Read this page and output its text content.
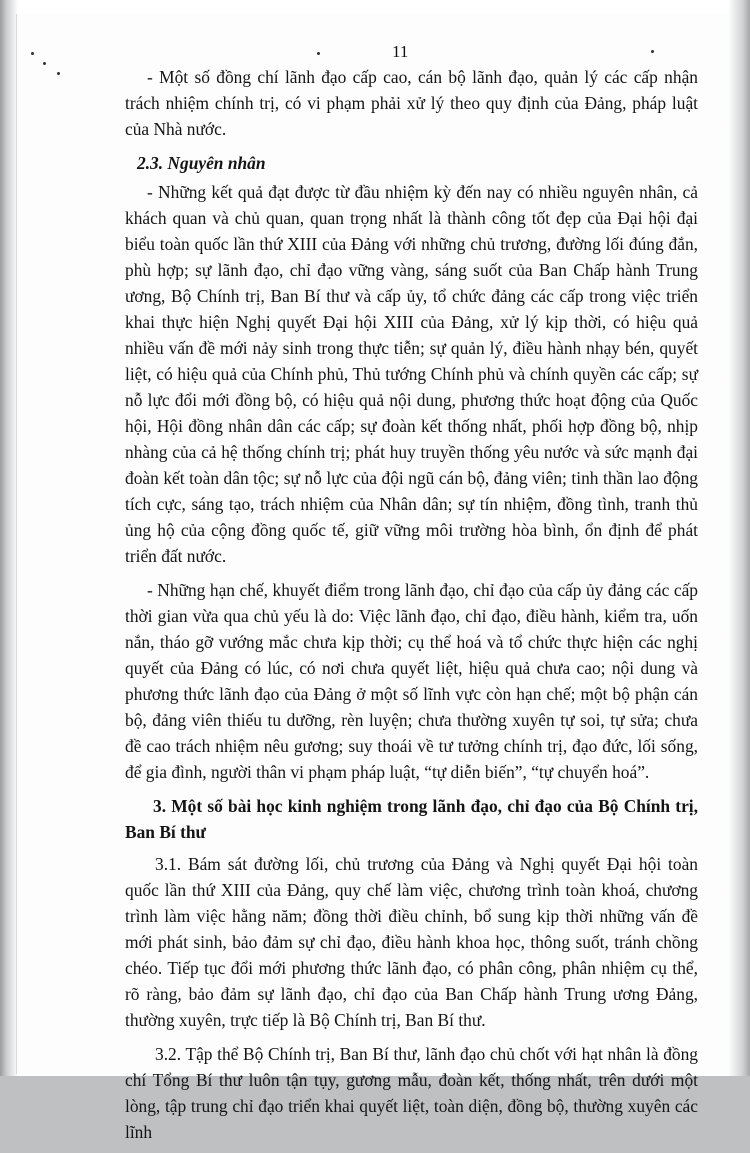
11

- Một số đồng chí lãnh đạo cấp cao, cán bộ lãnh đạo, quản lý các cấp nhận trách nhiệm chính trị, có vi phạm phải xử lý theo quy định của Đảng, pháp luật của Nhà nước.

2.3. Nguyên nhân

- Những kết quả đạt được từ đầu nhiệm kỳ đến nay có nhiều nguyên nhân, cả khách quan và chủ quan, quan trọng nhất là thành công tốt đẹp của Đại hội đại biểu toàn quốc lần thứ XIII của Đảng với những chủ trương, đường lối đúng đắn, phù hợp; sự lãnh đạo, chỉ đạo vững vàng, sáng suốt của Ban Chấp hành Trung ương, Bộ Chính trị, Ban Bí thư và cấp ủy, tổ chức đảng các cấp trong việc triển khai thực hiện Nghị quyết Đại hội XIII của Đảng, xử lý kịp thời, có hiệu quả nhiều vấn đề mới nảy sinh trong thực tiễn; sự quản lý, điều hành nhạy bén, quyết liệt, có hiệu quả của Chính phủ, Thủ tướng Chính phủ và chính quyền các cấp; sự nỗ lực đổi mới đồng bộ, có hiệu quả nội dung, phương thức hoạt động của Quốc hội, Hội đồng nhân dân các cấp; sự đoàn kết thống nhất, phối hợp đồng bộ, nhịp nhàng của cả hệ thống chính trị; phát huy truyền thống yêu nước và sức mạnh đại đoàn kết toàn dân tộc; sự nỗ lực của đội ngũ cán bộ, đảng viên; tinh thần lao động tích cực, sáng tạo, trách nhiệm của Nhân dân; sự tín nhiệm, đồng tình, tranh thủ ủng hộ của cộng đồng quốc tế, giữ vững môi trường hòa bình, ổn định để phát triển đất nước.

- Những hạn chế, khuyết điểm trong lãnh đạo, chỉ đạo của cấp ủy đảng các cấp thời gian vừa qua chủ yếu là do: Việc lãnh đạo, chỉ đạo, điều hành, kiểm tra, uốn nắn, tháo gỡ vướng mắc chưa kịp thời; cụ thể hoá và tổ chức thực hiện các nghị quyết của Đảng có lúc, có nơi chưa quyết liệt, hiệu quả chưa cao; nội dung và phương thức lãnh đạo của Đảng ở một số lĩnh vực còn hạn chế; một bộ phận cán bộ, đảng viên thiếu tu dưỡng, rèn luyện; chưa thường xuyên tự soi, tự sửa; chưa đề cao trách nhiệm nêu gương; suy thoái về tư tưởng chính trị, đạo đức, lối sống, để gia đình, người thân vi phạm pháp luật, “tự diễn biến”, “tự chuyển hoá”.

3. Một số bài học kinh nghiệm trong lãnh đạo, chỉ đạo của Bộ Chính trị, Ban Bí thư

3.1. Bám sát đường lối, chủ trương của Đảng và Nghị quyết Đại hội toàn quốc lần thứ XIII của Đảng, quy chế làm việc, chương trình toàn khoá, chương trình làm việc hằng năm; đồng thời điều chỉnh, bổ sung kịp thời những vấn đề mới phát sinh, bảo đảm sự chỉ đạo, điều hành khoa học, thông suốt, tránh chồng chéo. Tiếp tục đổi mới phương thức lãnh đạo, có phân công, phân nhiệm cụ thể, rõ ràng, bảo đảm sự lãnh đạo, chỉ đạo của Ban Chấp hành Trung ương Đảng, thường xuyên, trực tiếp là Bộ Chính trị, Ban Bí thư.

3.2. Tập thể Bộ Chính trị, Ban Bí thư, lãnh đạo chủ chốt với hạt nhân là đồng chí Tổng Bí thư luôn tận tụy, gương mẫu, đoàn kết, thống nhất, trên dưới một lòng, tập trung chỉ đạo triển khai quyết liệt, toàn diện, đồng bộ, thường xuyên các lĩnh
